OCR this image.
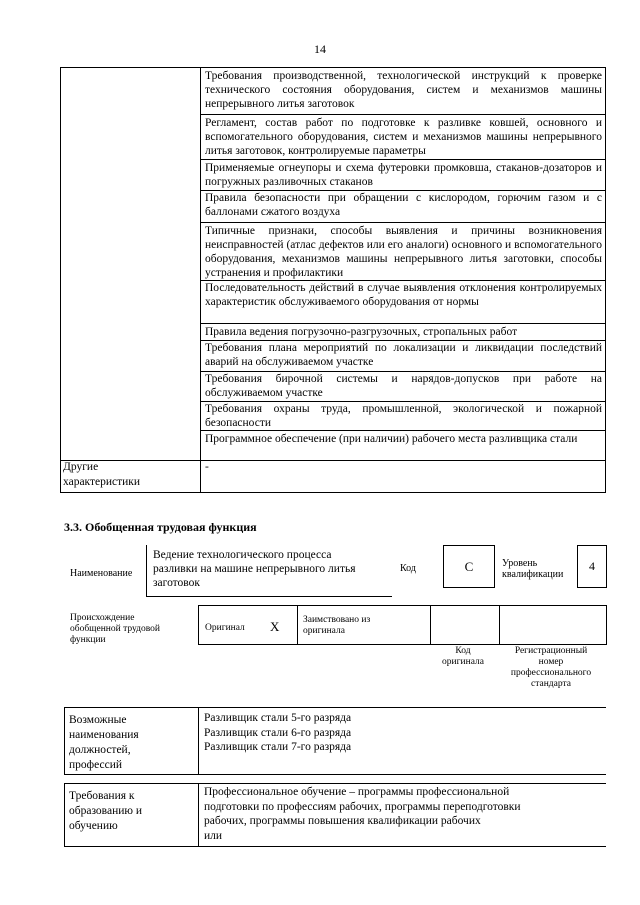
14
Требования производственной, технологической инструкций к проверке технического состояния оборудования, систем и механизмов машины непрерывного литья заготовок
Регламент, состав работ по подготовке к разливке ковшей, основного и вспомогательного оборудования, систем и механизмов машины непрерывного литья заготовок, контролируемые параметры
Применяемые огнеупоры и схема футеровки промковша, стаканов-дозаторов и погружных разливочных стаканов
Правила безопасности при обращении с кислородом, горючим газом и с баллонами сжатого воздуха
Типичные признаки, способы выявления и причины возникновения неисправностей (атлас дефектов или его аналоги) основного и вспомогательного оборудования, механизмов машины непрерывного литья заготовки, способы устранения и профилактики
Последовательность действий в случае выявления отклонения контролируемых характеристик обслуживаемого оборудования от нормы
Правила ведения погрузочно-разгрузочных, стропальных работ
Требования плана мероприятий по локализации и ликвидации последствий аварий на обслуживаемом участке
Требования бирочной системы и нарядов-допусков при работе на обслуживаемом участке
Требования охраны труда, промышленной, экологической и пожарной безопасности
Программное обеспечение (при наличии) рабочего места разливщика стали
Другие
характеристики
-
3.3. Обобщенная трудовая функция
Наименование
Ведение технологического процесса
разливки на машине непрерывного литья
заготовок
Код	C	Уровень
квалификации
4
Происхождение
обобщенной трудовой
функции
Оригинал X Заимствовано из
оригинала
Код
оригинала
Регистрационный
номер
профессионального
стандарта
Возможные
наименования
должностей,
профессий
Разливщик стали 5-го разряда
Разливщик стали 6-го разряда
Разливщик стали 7-го разряда
Требования к
образованию и
обучению
Профессиональное обучение – программы профессиональной
подготовки по профессиям рабочих, программы переподготовки
рабочих, программы повышения квалификации рабочих
или
